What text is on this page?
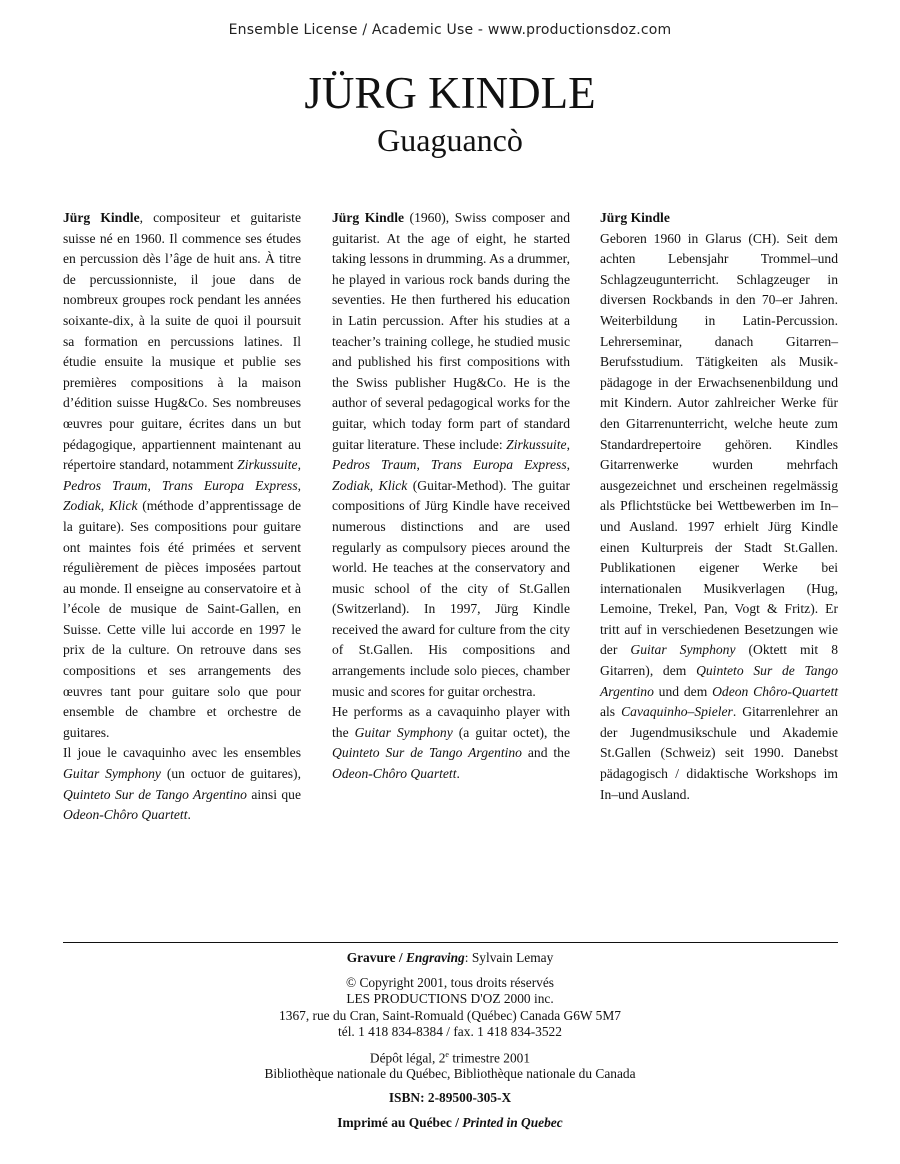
Ensemble License / Academic Use - www.productionsdoz.com
JÜRG KINDLE
Guaguancò

Jürg Kindle, compositeur et guitariste suisse né en 1960. Il commence ses études en percussion dès l’âge de huit ans. À titre de percussionniste, il joue dans de nombreux groupes rock pendant les années soixante-dix, à la suite de quoi il poursuit sa formation en percussions latines. Il étudie ensuite la musique et publie ses premières compositions à la maison d’édition suisse Hug&Co. Ses nombreuses œuvres pour guitare, écrites dans un but pédagogique, appartiennent maintenant au répertoire standard, notamment Zirkussuite, Pedros Traum, Trans Europa Express, Zodiak, Klick (méthode d’apprentissage de la guitare). Ses compositions pour guitare ont maintes fois été primées et servent régulièrement de pièces imposées partout au monde. Il enseigne au conservatoire et à l’école de musique de Saint-Gallen, en Suisse. Cette ville lui accorde en 1997 le prix de la culture. On retrouve dans ses compositions et ses arrangements des œuvres tant pour guitare solo que pour ensemble de chambre et orchestre de guitares.
Il joue le cavaquinho avec les ensembles Guitar Symphony (un octuor de guitares), Quinteto Sur de Tango Argentino ainsi que Odeon-Chôro Quartett.

Jürg Kindle (1960), Swiss composer and guitarist. At the age of eight, he started taking lessons in drumming. As a drummer, he played in various rock bands during the seventies. He then furthered his education in Latin percussion. After his studies at a teacher’s training college, he studied music and published his first compositions with the Swiss publisher Hug&Co. He is the author of several pedagogical works for the guitar, which today form part of standard guitar literature. These include: Zirkussuite, Pedros Traum, Trans Europa Express, Zodiak, Klick (Guitar-Method). The guitar compositions of Jürg Kindle have received numerous distinctions and are used regularly as compulsory pieces around the world. He teaches at the conservatory and music school of the city of St.Gallen (Switzerland). In 1997, Jürg Kindle received the award for culture from the city of St.Gallen. His compositions and arrangements include solo pieces, chamber music and scores for guitar orchestra.
He performs as a cavaquinho player with the Guitar Symphony (a guitar octet), the Quinteto Sur de Tango Argentino and the Odeon-Chôro Quartett.

Jürg Kindle
Geboren 1960 in Glarus (CH). Seit dem achten Lebensjahr Trommel–und Schlagzeugunterricht. Schlagzeuger in diversen Rockbands in den 70–er Jahren. Weiterbildung in Latin-Percussion. Lehrerseminar, danach Gitarren–Berufsstudium. Tätigkeiten als Musikpädagoge in der Erwachsenenbildung und mit Kindern. Autor zahlreicher Werke für den Gitarrenunterricht, welche heute zum Standardrepertoire gehören. Kindles Gitarrenwerke wurden mehrfach ausgezeichnet und erscheinen regelmässig als Pflichtstücke bei Wettbewerben im In–und Ausland. 1997 erhielt Jürg Kindle einen Kulturpreis der Stadt St.Gallen. Publikationen eigener Werke bei internationalen Musikverlagen (Hug, Lemoine, Trekel, Pan, Vogt & Fritz). Er tritt auf in verschiedenen Besetzungen wie der Guitar Symphony (Oktett mit 8 Gitarren), dem Quinteto Sur de Tango Argentino und dem Odeon Chôro-Quartett als Cavaquinho–Spieler. Gitarrenlehrer an der Jugendmusikschule und Akademie St.Gallen (Schweiz) seit 1990. Danebst pädagogisch / didaktische Workshops im In–und Ausland.

Gravure / Engraving: Sylvain Lemay
© Copyright 2001, tous droits réservés
LES PRODUCTIONS D'OZ 2000 inc.
1367, rue du Cran, Saint-Romuald (Québec) Canada G6W 5M7
tél. 1 418 834-8384 / fax. 1 418 834-3522
Dépôt légal, 2e trimestre 2001
Bibliothèque nationale du Québec, Bibliothèque nationale du Canada
ISBN: 2-89500-305-X
Imprimé au Québec / Printed in Quebec
